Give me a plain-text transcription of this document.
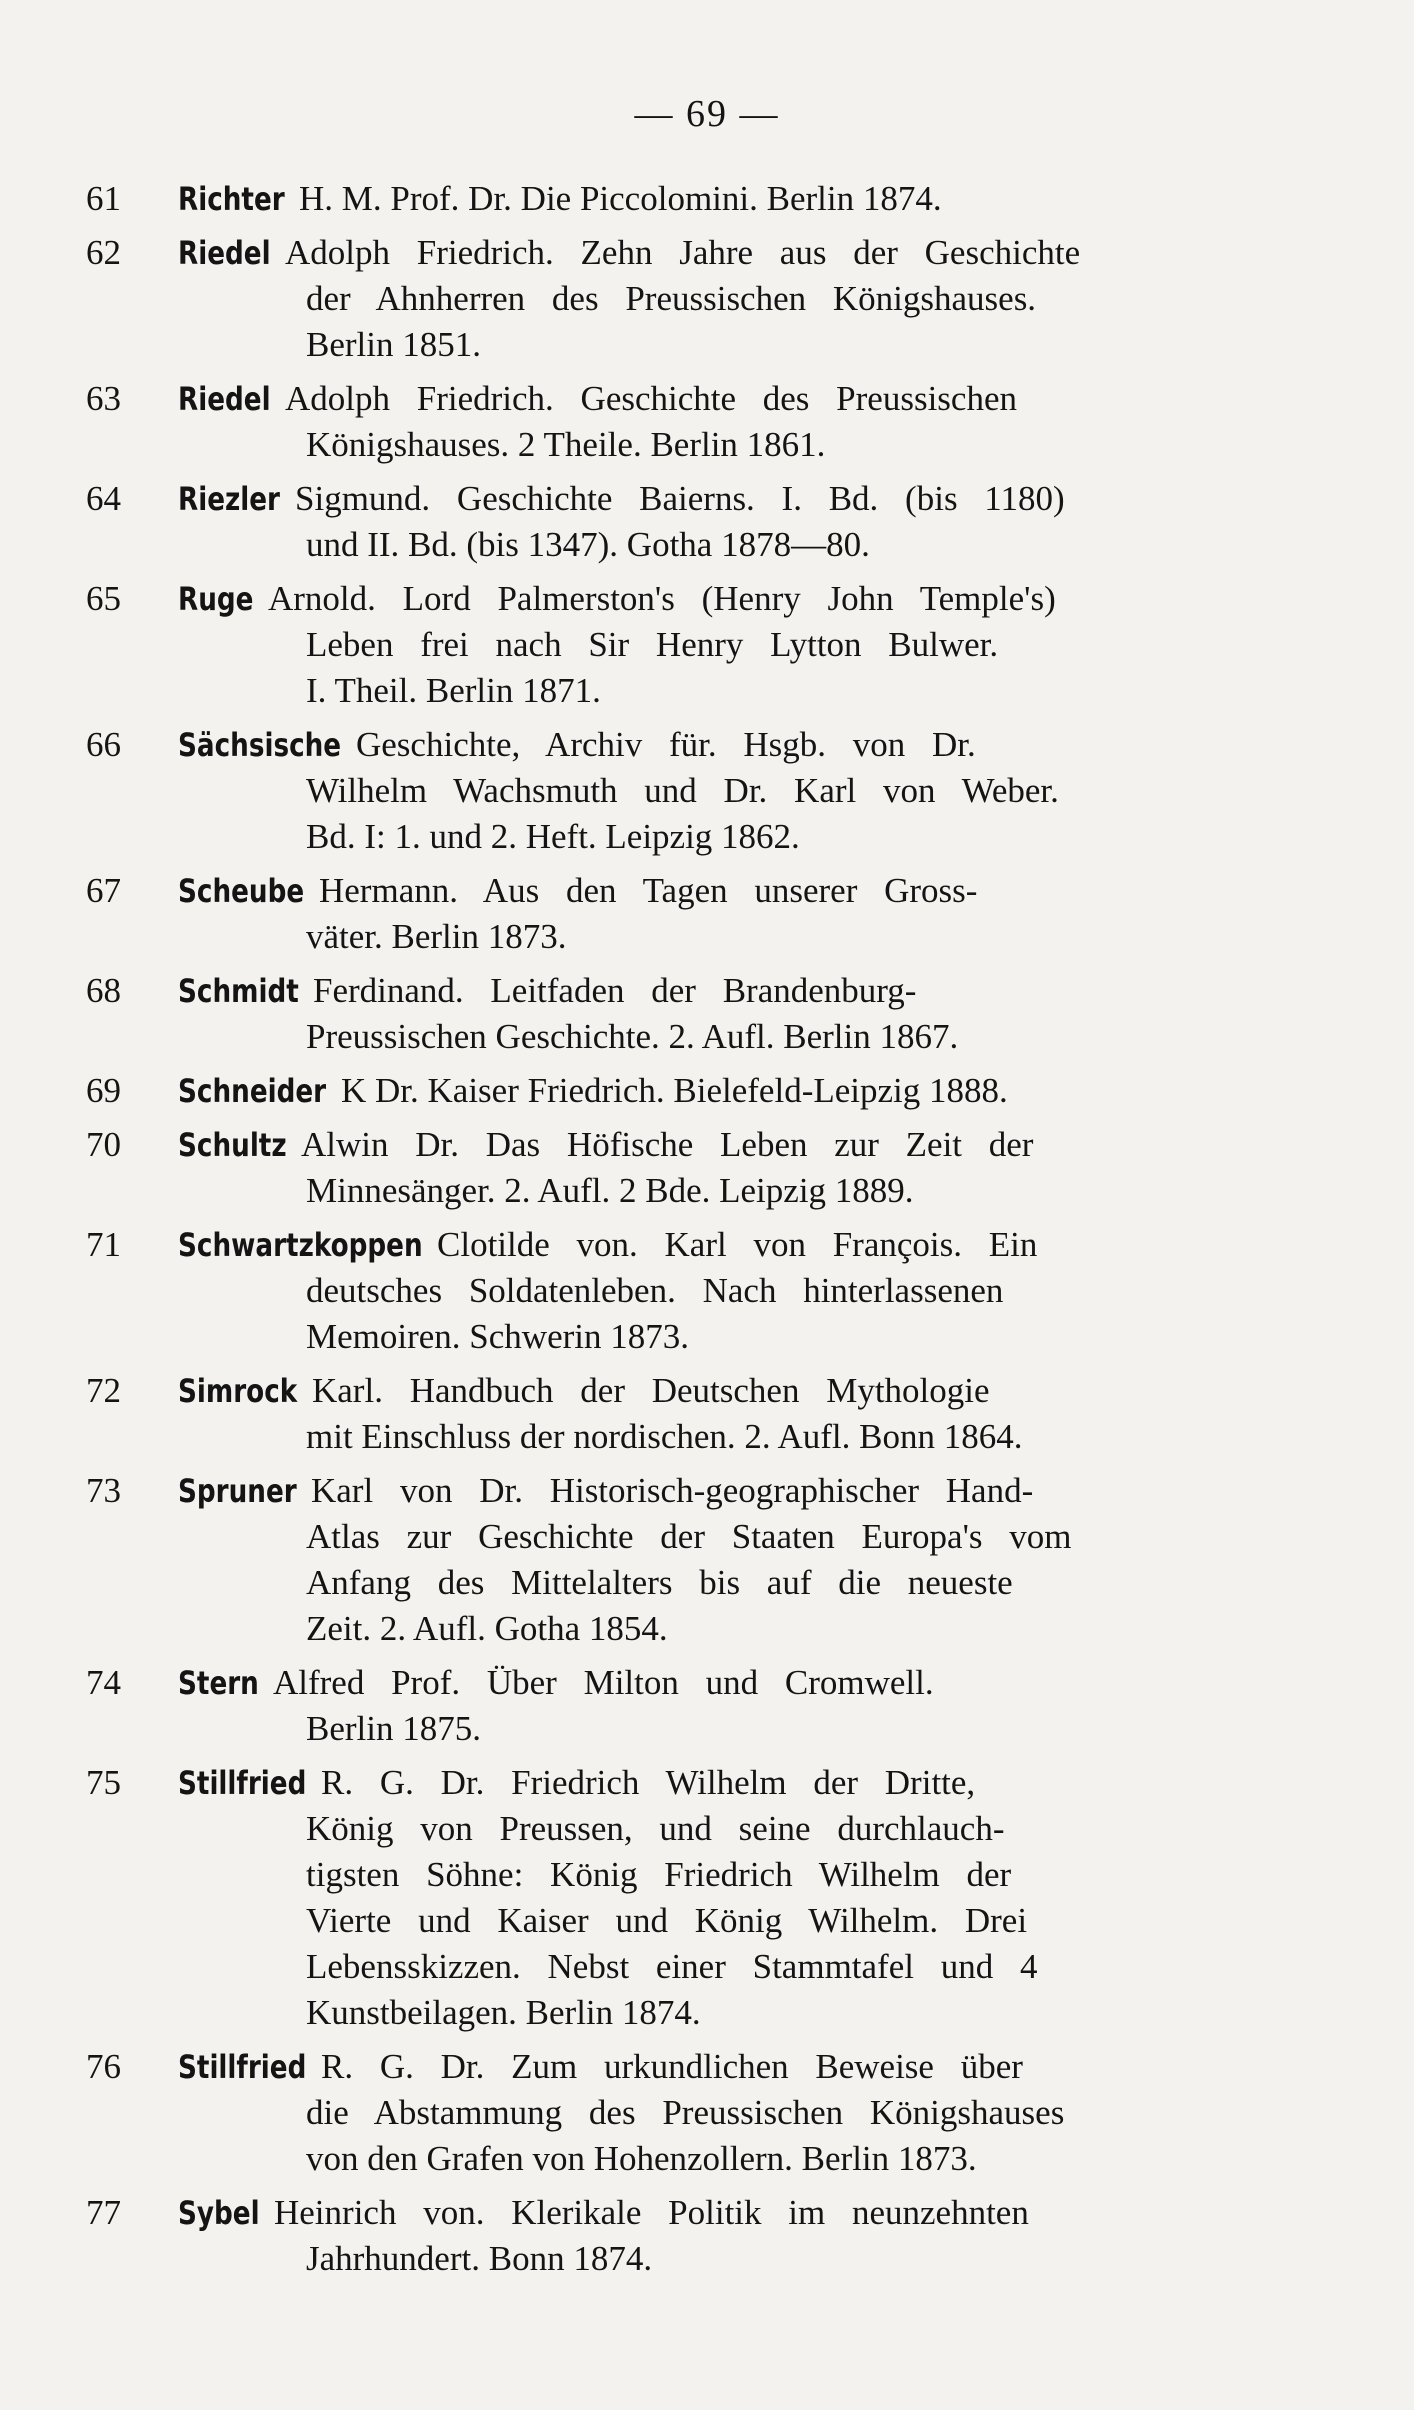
— 69 —
61 Richter H. M. Prof. Dr. Die Piccolomini. Berlin 1874.
62 Riedel Adolph Friedrich. Zehn Jahre aus der Geschichte
der Ahnherren des Preussischen Königshauses.
Berlin 1851.
63 Riedel Adolph Friedrich. Geschichte des Preussischen
Königshauses. 2 Theile. Berlin 1861.
64 Riezler Sigmund. Geschichte Baierns. I. Bd. (bis 1180)
und II. Bd. (bis 1347). Gotha 1878—80.
65 Ruge Arnold. Lord Palmerston's (Henry John Temple's)
Leben frei nach Sir Henry Lytton Bulwer.
I. Theil. Berlin 1871.
66 Sächsische Geschichte, Archiv für. Hsgb. von Dr.
Wilhelm Wachsmuth und Dr. Karl von Weber.
Bd. I: 1. und 2. Heft. Leipzig 1862.
67 Scheube Hermann. Aus den Tagen unserer Gross-
väter. Berlin 1873.
68 Schmidt Ferdinand. Leitfaden der Brandenburg-
Preussischen Geschichte. 2. Aufl. Berlin 1867.
69 Schneider K Dr. Kaiser Friedrich. Bielefeld-Leipzig 1888.
70 Schultz Alwin Dr. Das Höfische Leben zur Zeit der
Minnesänger. 2. Aufl. 2 Bde. Leipzig 1889.
71 Schwartzkoppen Clotilde von. Karl von François. Ein
deutsches Soldatenleben. Nach hinterlassenen
Memoiren. Schwerin 1873.
72 Simrock Karl. Handbuch der Deutschen Mythologie
mit Einschluss der nordischen. 2. Aufl. Bonn 1864.
73 Spruner Karl von Dr. Historisch-geographischer Hand-
Atlas zur Geschichte der Staaten Europa's vom
Anfang des Mittelalters bis auf die neueste
Zeit. 2. Aufl. Gotha 1854.
74 Stern Alfred Prof. Über Milton und Cromwell.
Berlin 1875.
75 Stillfried R. G. Dr. Friedrich Wilhelm der Dritte,
König von Preussen, und seine durchlauch-
tigsten Söhne: König Friedrich Wilhelm der
Vierte und Kaiser und König Wilhelm. Drei
Lebensskizzen. Nebst einer Stammtafel und 4
Kunstbeilagen. Berlin 1874.
76 Stillfried R. G. Dr. Zum urkundlichen Beweise über
die Abstammung des Preussischen Königshauses
von den Grafen von Hohenzollern. Berlin 1873.
77 Sybel Heinrich von. Klerikale Politik im neunzehnten
Jahrhundert. Bonn 1874.
